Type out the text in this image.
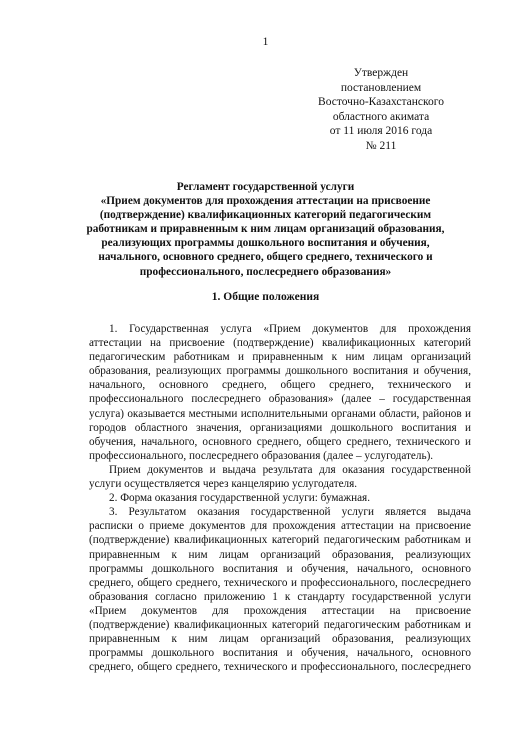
1
Утвержден
постановлением
Восточно-Казахстанского
областного акимата
от 11 июля 2016 года
№ 211
Регламент государственной услуги
«Прием документов для прохождения аттестации на присвоение
(подтверждение) квалификационных категорий педагогическим
работникам и приравненным к ним лицам организаций образования,
реализующих программы дошкольного воспитания и обучения,
начального, основного среднего, общего среднего, технического и
профессионального, послесреднего образования»
1. Общие положения
1. Государственная услуга «Прием документов для прохождения
аттестации на присвоение (подтверждение) квалификационных категорий
педагогическим работникам и приравненным к ним лицам организаций
образования, реализующих программы дошкольного воспитания и обучения,
начального, основного среднего, общего среднего, технического и
профессионального послесреднего образования» (далее – государственная
услуга) оказывается местными исполнительными органами области, районов и
городов областного значения, организациями дошкольного воспитания и
обучения, начального, основного среднего, общего среднего, технического и
профессионального, послесреднего образования (далее – услугодатель).
Прием документов и выдача результата для оказания государственной
услуги осуществляется через канцелярию услугодателя.
2. Форма оказания государственной услуги: бумажная.
3. Результатом оказания государственной услуги является выдача
расписки о приеме документов для прохождения аттестации на присвоение
(подтверждение) квалификационных категорий педагогическим работникам и
приравненным к ним лицам организаций образования, реализующих
программы дошкольного воспитания и обучения, начального, основного
среднего, общего среднего, технического и профессионального, послесреднего
образования согласно приложению 1 к стандарту государственной услуги
«Прием документов для прохождения аттестации на присвоение
(подтверждение) квалификационных категорий педагогическим работникам и
приравненным к ним лицам организаций образования, реализующих
программы дошкольного воспитания и обучения, начального, основного
среднего, общего среднего, технического и профессионального, послесреднего
